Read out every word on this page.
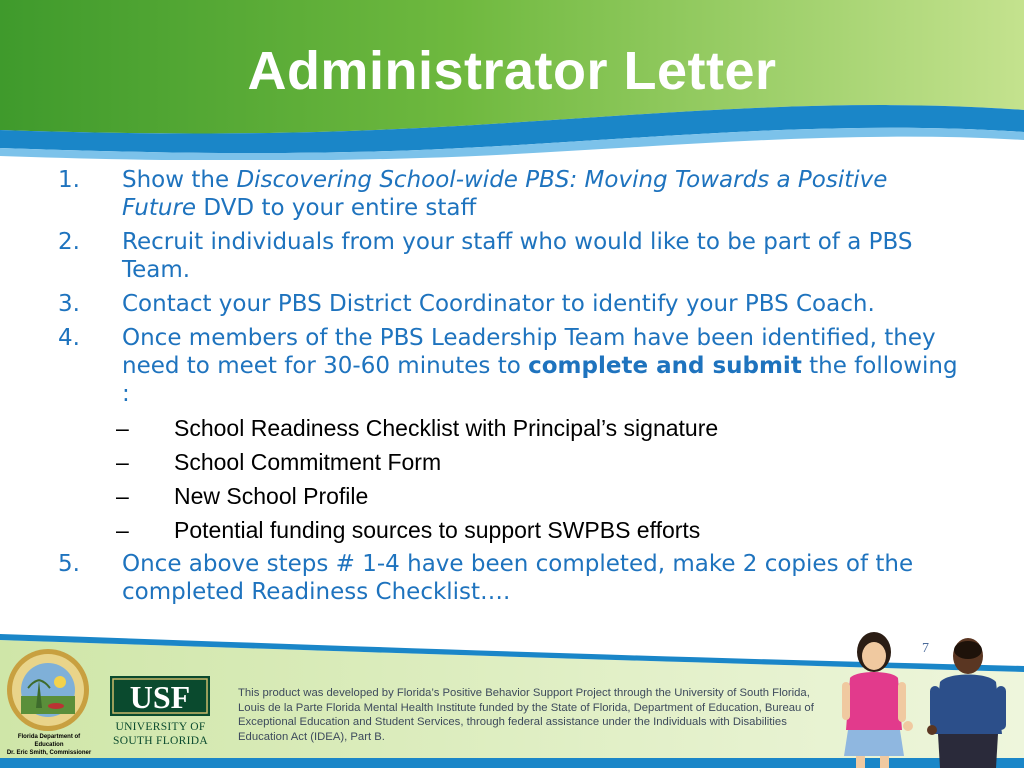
Administrator Letter
1. Show the Discovering School-wide PBS: Moving Towards a Positive Future DVD to your entire staff
2. Recruit individuals from your staff who would like to be part of a PBS Team.
3. Contact your PBS District Coordinator to identify your PBS Coach.
4. Once members of the PBS Leadership Team have been identified, they need to meet for 30-60 minutes to complete and submit the following :
– School Readiness Checklist with Principal’s signature
– School Commitment Form
– New School Profile
– Potential funding sources to support SWPBS efforts
5. Once above steps # 1-4 have been completed, make 2 copies of the completed Readiness Checklist….
7
Florida Department of Education
Dr. Eric Smith, Commissioner
USF
UNIVERSITY OF
SOUTH FLORIDA
This product was developed by Florida’s Positive Behavior Support Project through the University of South Florida, Louis de la Parte Florida Mental Health Institute funded by the State of Florida, Department of Education, Bureau of Exceptional Education and Student Services, through federal assistance under the Individuals with Disabilities Education Act (IDEA), Part B.
